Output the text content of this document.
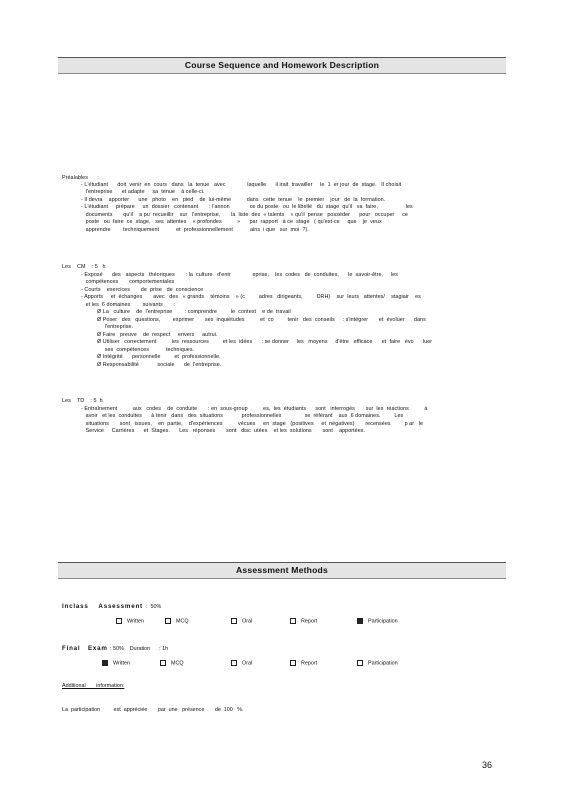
Course Sequence and Homework Description
Préalables      :
- L'étudiant      doit  venir  en  cours   dans   la  tenue   avec              laquelle      il irait  travailler     le  1  er jour  de  stage.   Il choisit
l'entreprise      et adapte     sa  tenue    à celle-ci.
- Il devra    apporter      une   photo    en   pied    de  lui-même          dans   cette  tenue    le  premier    jour   de  la  formation.
- L'étudiant     prépare     un  dossier   contenant       : l'annon             ce du poste   ou  le libellé   du  stage  qu'il   va  faire,                  les
documents       qu'il    a pu  recueillir    sur   l'entreprise,       la  liste  des  « talents    » qu'il  pense   posséder      pour   occuper     ce
poste   ou  faire  ce  stage,   ses  attentes    « profondes          »      par  rapport   à ce  stage   ( qu'est-ce     que    je  veux
apprendre        techniquement           et  professionnellement           ains  i que   sur  moi  ?).
Les    CM    : 5   h
- Exposé      des   aspects   théoriques       : la  culture   d'entr              eprise,    les  codes   de  conduites,      le  savoir-être,     les
compétences       comportementales
- Courts    exercices       de  prise   de  conscience
- Apports     et  échanges       avec   des   « grands    témoins    » (c         adres   dirigeants,         DRH)    sur  leurs   attentes/    stagiair    es
et les  6 domaines        suivants       :
Ø La   culture    de  l'entreprise        : comprendre         le  context    e de  travail
Ø Poser   des   questions,        exprimer       ses  inquiétudes          et  co         tenir   des  conseils     : s'intégrer       et  évoluer      dans
l'entreprise.
Ø Faire   preuve    de  respect     envers     autrui.
Ø Utiliser   correctement          les  ressources         et les  idées      : se donner     les   moyens     d'être   efficace      et  faire   évo      luer
ses  compétences           techniques.
Ø Intégrité      personnelle         et  professionnelle.
Ø Responsabilité            sociale      de  l'entreprise.
Les    TD    : 5  h
- Entraînement          aux   codes    de  conduite       : en  sous-group          es,  les  étudiants      sont   interrogés       sur  les  réactions          à
avoir   et les  conduites      à tenir   dans   des  situations            professionnelles               se  référant    aux  6 domaines.         Les
situations       sont   issues,    en  partie,    d'expériences          vécues     en  stage   (positives     et  négatives)       recensées         p ar   le
Service     Carrières      et  Stages.      Les   réponses       sont   disc  utées    et les  solutions       sont    apportées.
Assessment Methods
Inclass    Assessment :  50%
Written	MCQ	Oral	Report	Participation
Final   Exam : 50%    Duration      : 1h
Written	MCQ	Oral	Report	Participation
Additional       information:
La  participation         est  appréciée       par  une   présence       de  100   %.
36
